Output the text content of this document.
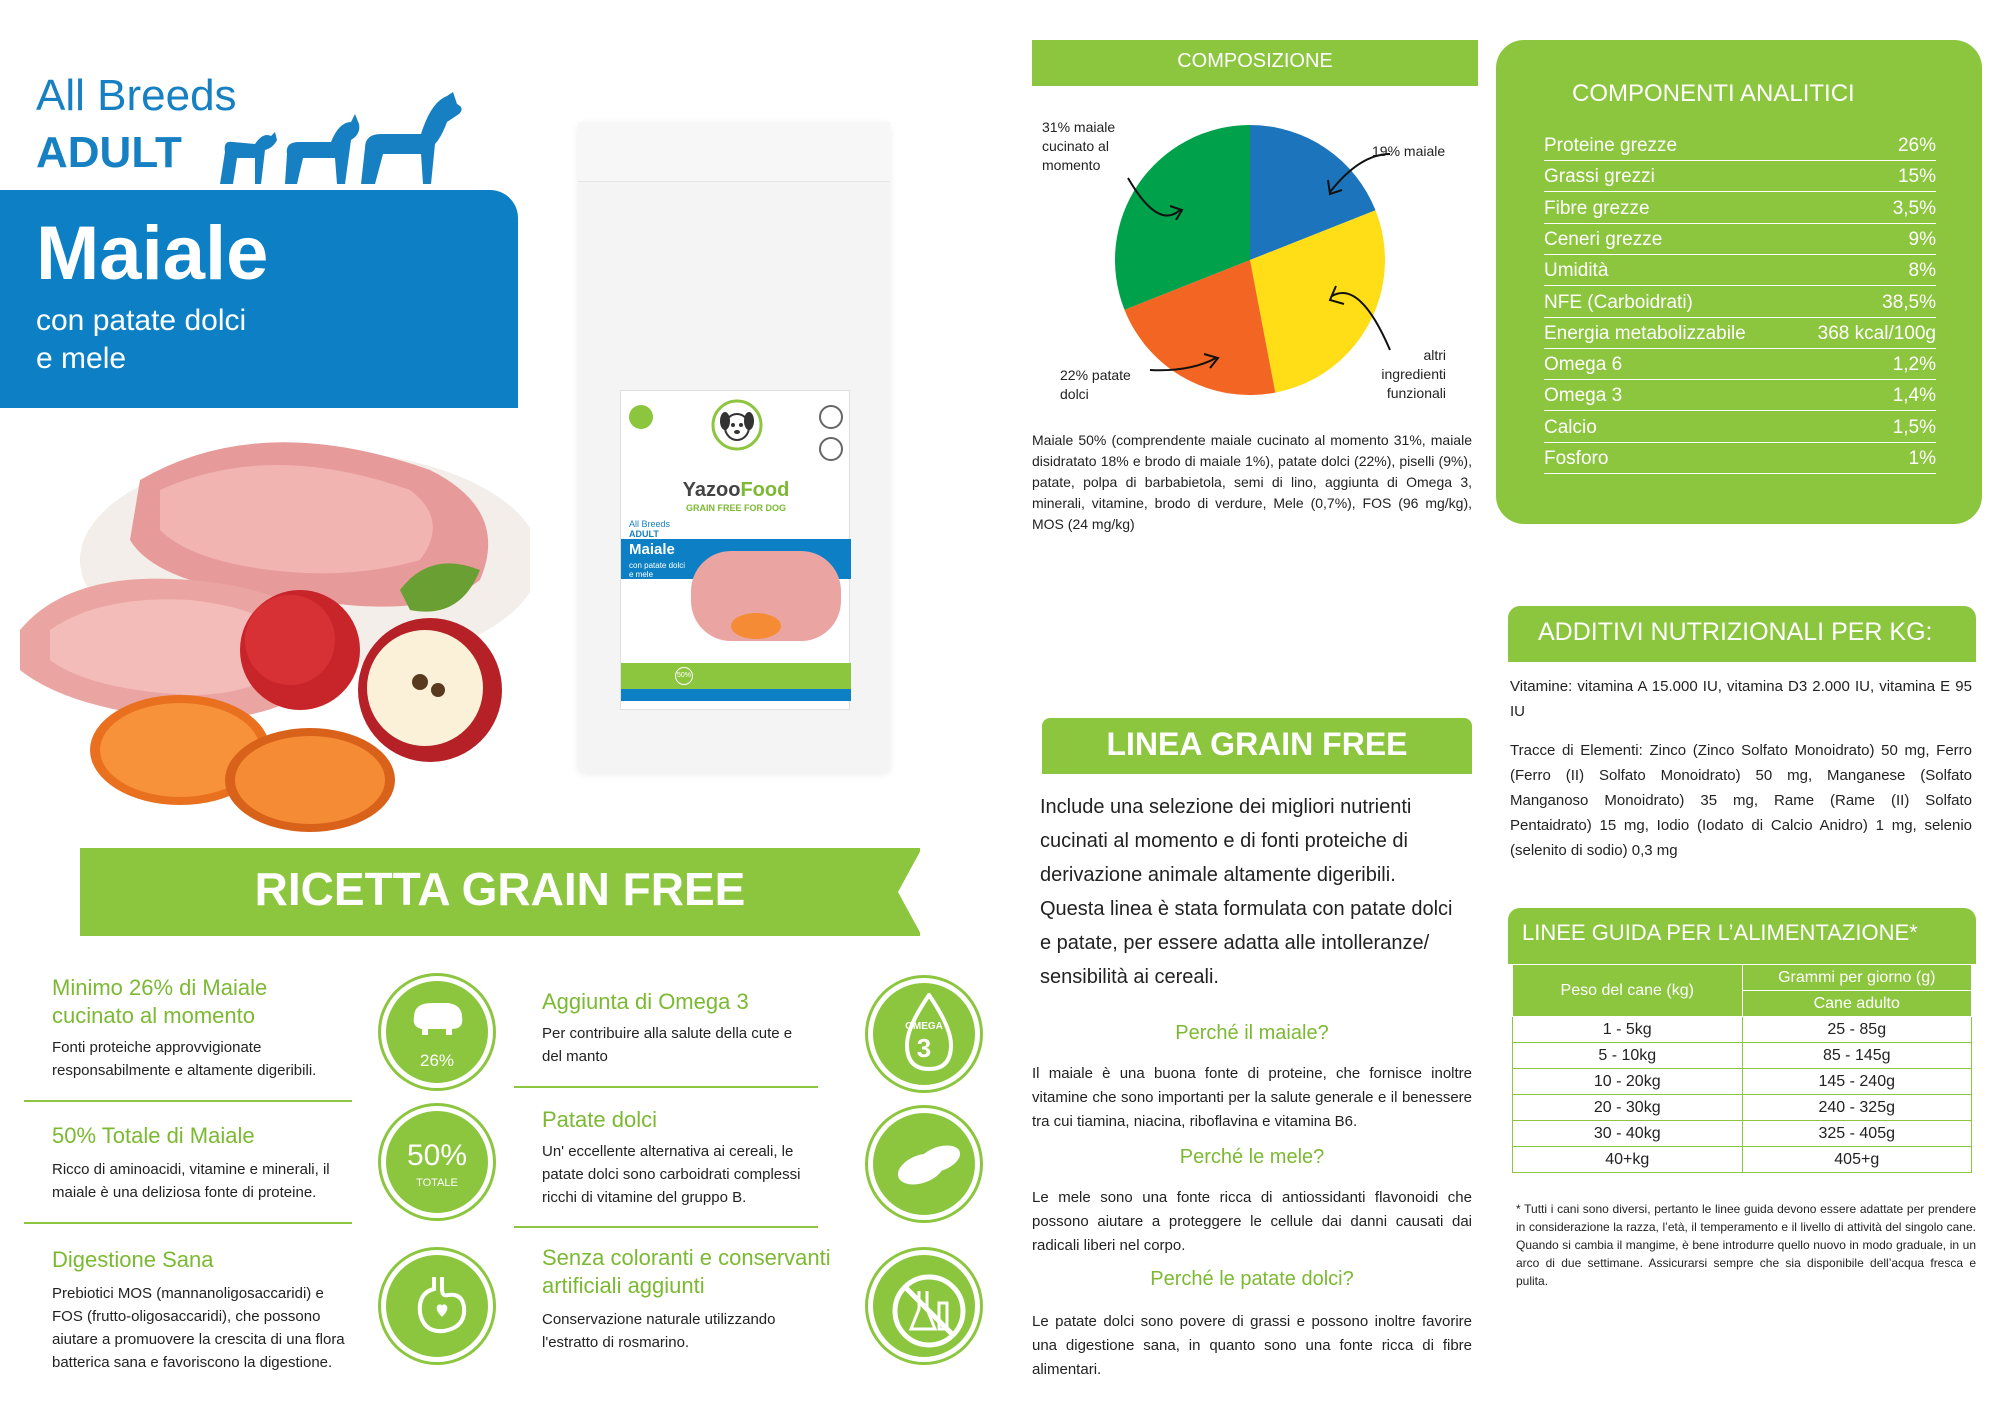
All Breeds
ADULT
Maiale
con patate dolci
e mele
YazooFood
GRAIN FREE FOR DOG
All Breeds
ADULT
Maiale
con patate dolci e mele
50%
RICETTA GRAIN FREE
Minimo 26% di Maiale cucinato al momento
Fonti proteiche approvvigionate responsabilmente e altamente digeribili.
50% Totale di Maiale
Ricco di aminoacidi, vitamine e minerali, il maiale è una deliziosa fonte di proteine.
Digestione Sana
Prebiotici MOS (mannanoligosaccaridi) e FOS (frutto-oligosaccaridi), che possono aiutare a promuovere la crescita di una flora batterica sana e favoriscono la digestione.
26%
50%
TOTALE
Aggiunta di Omega 3
Per contribuire alla salute della cute e del manto
Patate dolci
Un' eccellente alternativa ai cereali, le patate dolci sono carboidrati complessi ricchi di vitamine del gruppo B.
Senza coloranti e conservanti artificiali aggiunti
Conservazione naturale utilizzando l'estratto di rosmarino.
OMEGA
3
COMPOSIZIONE
31% maiale cucinato al momento
19% maiale
22% patate dolci
altri ingredienti funzionali
Maiale 50% (comprendente maiale cucinato al momento 31%, maiale disidratato 18% e brodo di maiale 1%), patate dolci (22%), piselli (9%), patate, polpa di barbabietola, semi di lino, aggiunta di Omega 3, minerali, vitamine, brodo di verdure, Mele (0,7%), FOS (96 mg/kg), MOS (24 mg/kg)
COMPONENTI ANALITICI
Proteine grezze	26%
Grassi grezzi	15%
Fibre grezze	3,5%
Ceneri grezze	9%
Umidità	8%
NFE (Carboidrati)	38,5%
Energia metabolizzabile	368 kcal/100g
Omega 6	1,2%
Omega 3	1,4%
Calcio	1,5%
Fosforo	1%
ADDITIVI NUTRIZIONALI PER KG:
Vitamine: vitamina A 15.000 IU, vitamina D3 2.000 IU, vitamina E 95 IU
Tracce di Elementi: Zinco (Zinco Solfato Monoidrato) 50 mg, Ferro (Ferro (II) Solfato Monoidrato) 50 mg, Manganese (Solfato Manganoso Monoidrato) 35 mg, Rame (Rame (II) Solfato Pentaidrato) 15 mg, Iodio (Iodato di Calcio Anidro) 1 mg, selenio (selenito di sodio) 0,3 mg
LINEA GRAIN FREE
Include una selezione dei migliori nutrienti cucinati al momento e di fonti proteiche di derivazione animale altamente digeribili. Questa linea è stata formulata con patate dolci e patate, per essere adatta alle intolleranze/ sensibilità ai cereali.
Perché il maiale?
Il maiale è una buona fonte di proteine, che fornisce inoltre vitamine che sono importanti per la salute generale e il benessere tra cui tiamina, niacina, riboflavina e vitamina B6.
Perché le mele?
Le mele sono una fonte ricca di antiossidanti flavonoidi che possono aiutare a proteggere le cellule dai danni causati dai radicali liberi nel corpo.
Perché le patate dolci?
Le patate dolci sono povere di grassi e possono inoltre favorire una digestione sana, in quanto sono una fonte ricca di fibre alimentari.
LINEE GUIDA PER L’ALIMENTAZIONE*
Peso del cane (kg)	Grammi per giorno (g)
	Cane adulto
1 - 5kg	25 - 85g
5 - 10kg	85 - 145g
10 - 20kg	145 - 240g
20 - 30kg	240 - 325g
30 - 40kg	325 - 405g
40+kg	405+g
* Tutti i cani sono diversi, pertanto le linee guida devono essere adattate per prendere in considerazione la razza, l’età, il temperamento e il livello di attività del singolo cane. Quando si cambia il mangime, è bene introdurre quello nuovo in modo graduale, in un arco di due settimane. Assicurarsi sempre che sia disponibile dell’acqua fresca e pulita.
